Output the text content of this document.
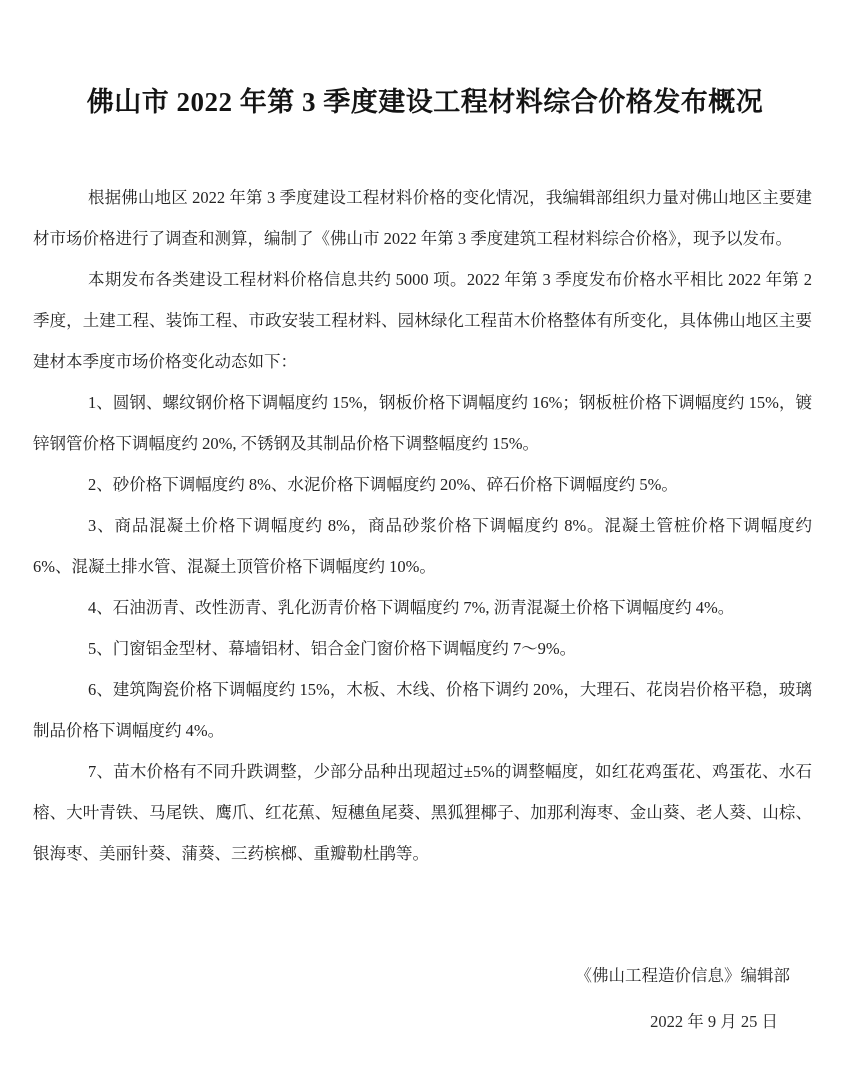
佛山市 2022 年第 3 季度建设工程材料综合价格发布概况

根据佛山地区 2022 年第 3 季度建设工程材料价格的变化情况，我编辑部组织力量对佛山地区主要建材市场价格进行了调查和测算，编制了《佛山市 2022 年第 3 季度建筑工程材料综合价格》，现予以发布。

本期发布各类建设工程材料价格信息共约 5000 项。2022 年第 3 季度发布价格水平相比 2022 年第 2 季度，土建工程、装饰工程、市政安装工程材料、园林绿化工程苗木价格整体有所变化，具体佛山地区主要建材本季度市场价格变化动态如下：

1、圆钢、螺纹钢价格下调幅度约 15%，钢板价格下调幅度约 16%；钢板桩价格下调幅度约 15%，镀锌钢管价格下调幅度约 20%, 不锈钢及其制品价格下调整幅度约 15%。

2、砂价格下调幅度约 8%、水泥价格下调幅度约 20%、碎石价格下调幅度约 5%。

3、商品混凝土价格下调幅度约 8%，商品砂浆价格下调幅度约 8%。混凝土管桩价格下调幅度约 6%、混凝土排水管、混凝土顶管价格下调幅度约 10%。

4、石油沥青、改性沥青、乳化沥青价格下调幅度约 7%, 沥青混凝土价格下调幅度约 4%。

5、门窗铝金型材、幕墙铝材、铝合金门窗价格下调幅度约 7～9%。

6、建筑陶瓷价格下调幅度约 15%，木板、木线、价格下调约 20%，大理石、花岗岩价格平稳，玻璃制品价格下调幅度约 4%。

7、苗木价格有不同升跌调整，少部分品种出现超过±5%的调整幅度，如红花鸡蛋花、鸡蛋花、水石榕、大叶青铁、马尾铁、鹰爪、红花蕉、短穗鱼尾葵、黑狐狸椰子、加那利海枣、金山葵、老人葵、山棕、银海枣、美丽针葵、蒲葵、三药槟榔、重瓣勒杜鹃等。

《佛山工程造价信息》编辑部

2022 年 9 月 25 日
